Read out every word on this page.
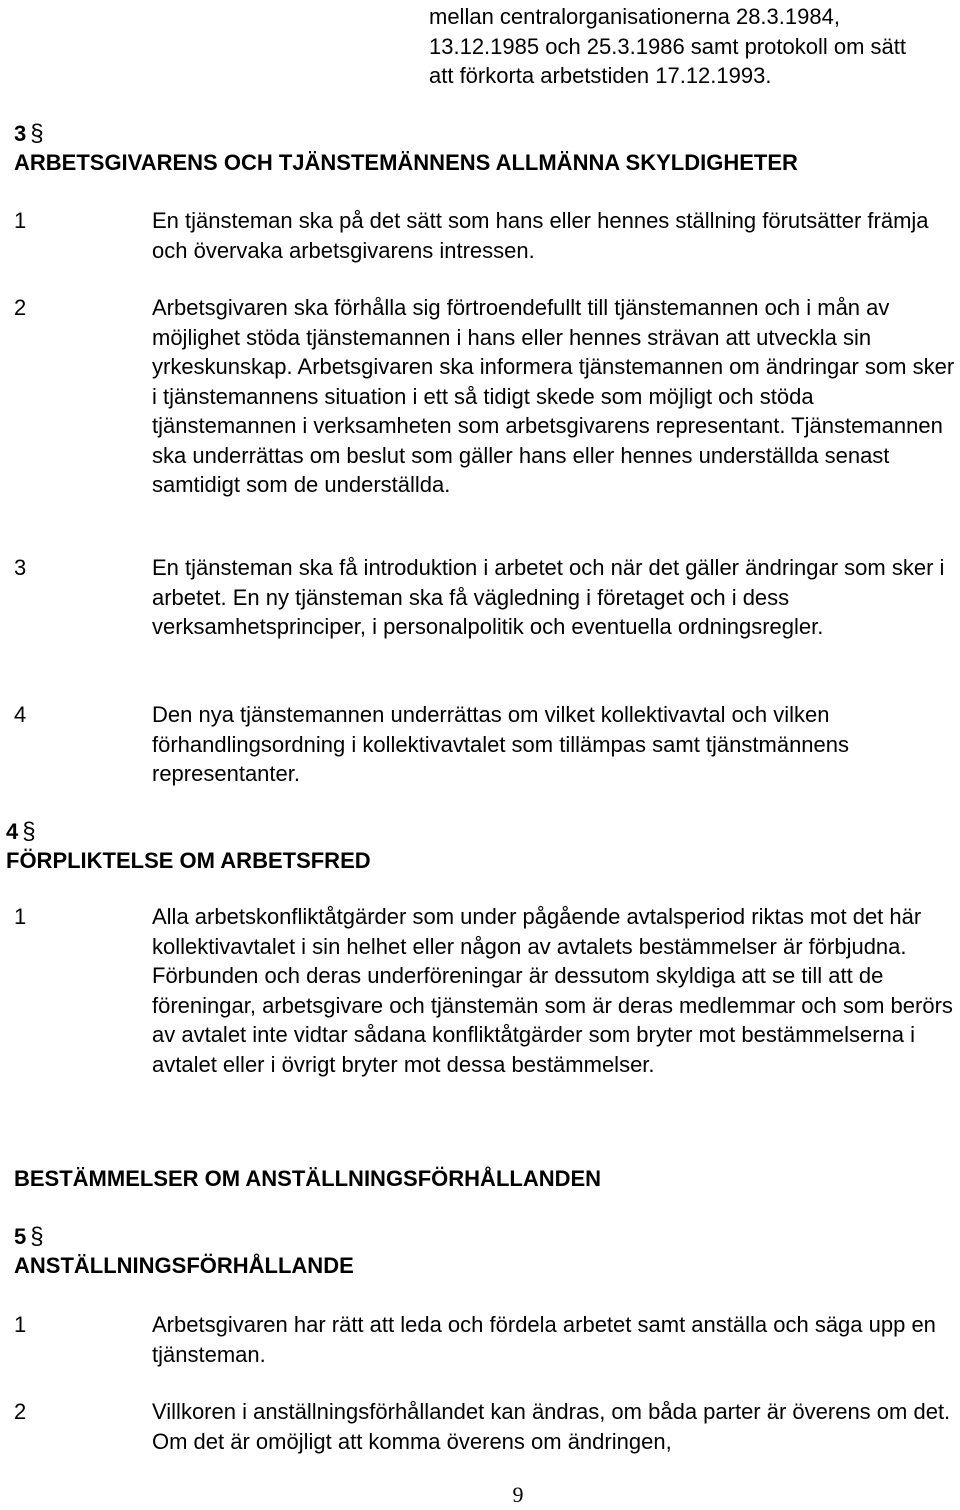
mellan centralorganisationerna 28.3.1984, 13.12.1985 och 25.3.1986 samt protokoll om sätt att förkorta arbetstiden 17.12.1993.
3 §
ARBETSGIVARENS OCH TJÄNSTEMÄNNENS ALLMÄNNA SKYLDIGHETER
1	En tjänsteman ska på det sätt som hans eller hennes ställning förutsätter främja och övervaka arbetsgivarens intressen.
2	Arbetsgivaren ska förhålla sig förtroendefullt till tjänstemannen och i mån av möjlighet stöda tjänstemannen i hans eller hennes strävan att utveckla sin yrkeskunskap. Arbetsgivaren ska informera tjänstemannen om ändringar som sker i tjänstemannens situation i ett så tidigt skede som möjligt och stöda tjänstemannen i verksamheten som arbetsgivarens representant. Tjänstemannen ska underrättas om beslut som gäller hans eller hennes underställda senast samtidigt som de underställda.
3	En tjänsteman ska få introduktion i arbetet och när det gäller ändringar som sker i arbetet. En ny tjänsteman ska få vägledning i företaget och i dess verksamhetsprinciper, i personalpolitik och eventuella ordningsregler.
4	Den nya tjänstemannen underrättas om vilket kollektivavtal och vilken förhandlingsordning i kollektivavtalet som tillämpas samt tjänstmännens representanter.
4 §
FÖRPLIKTELSE OM ARBETSFRED
1	Alla arbetskonfliktåtgärder som under pågående avtalsperiod riktas mot det här kollektivavtalet i sin helhet eller någon av avtalets bestämmelser är förbjudna. Förbunden och deras underföreningar är dessutom skyldiga att se till att de föreningar, arbetsgivare och tjänstemän som är deras medlemmar och som berörs av avtalet inte vidtar sådana konfliktåtgärder som bryter mot bestämmelserna i avtalet eller i övrigt bryter mot dessa bestämmelser.
BESTÄMMELSER OM ANSTÄLLNINGSFÖRHÅLLANDEN
5 §
ANSTÄLLNINGSFÖRHÅLLANDE
1	Arbetsgivaren har rätt att leda och fördela arbetet samt anställa och säga upp en tjänsteman.
2	Villkoren i anställningsförhållandet kan ändras, om båda parter är överens om det. Om det är omöjligt att komma överens om ändringen,
9
